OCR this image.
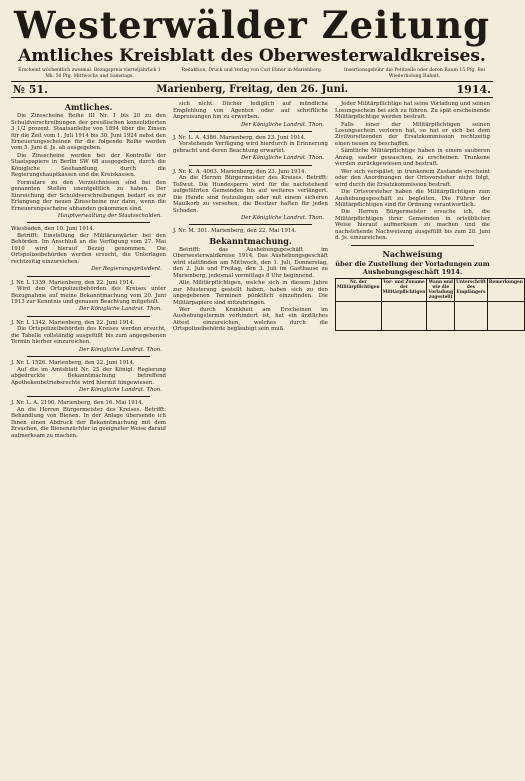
Westerwälder Zeitung
Amtliches Kreisblatt des Oberwesterwaldkreises.
Erscheint wöchentlich zweimal. Bezugspreis vierteljährlich 1 Mk. 50 Pfg. Mittwochs und Samstags.
Redaktion, Druck und Verlag von Carl Ebner in Marienberg.	Insertionsgebühr die Petitzeile oder deren Raum 15 Pfg. Bei Wiederholung Rabatt.
№ 51.	Marienberg, Freitag, den 26. Juni.	1914.
Amtliches.

Die Zinsscheine Reihe III Nr. 1 bis 20 zu den Schuldverschreibungen der preußischen konsolidierten 3 1/2 prozent. Staatsanleihe von 1894 über die Zinsen für die Zeit vom 1. Juli 1914 bis 30. Juni 1924 nebst den Erneuerungsscheinen für die folgende Reihe werden vom 5. Juni d. Js. ab ausgegeben.

Die Zinsscheine werden bei der Kontrolle der Staatspapiere in Berlin SW 68 ausgegeben, durch die Königliche Seehandlung, durch die Regierungshauptkassen und die Kreiskassen.

Formulare zu den Verzeichnissen sind bei den genannten Stellen unentgeltlich zu haben. Der Einreichung der Schuldverschreibungen bedarf es zur Erlangung der neuen Zinsscheine nur dann, wenn die Erneuerungsscheine abhanden gekommen sind.

Hauptverwaltung der Staatsschulden.
Wiesbaden, den 10. Juni 1914.

Betrifft: Einstellung der Militäranwärter bei den Behörden. Im Anschluß an die Verfügung vom 27. Mai 1910 wird hierauf Bezug genommen. Die Ortspolizeibehörden werden ersucht, die Unterlagen rechtzeitig einzureichen.

Der Regierungspräsident.
J. Nr. L 1339. Marienberg, den 22. Juni 1914.

Wird den Ortspolizeibehörden des Kreises unter Bezugnahme auf meine Bekanntmachung vom 20. Juni 1913 zur Kenntnis und genauen Beachtung mitgeteilt.

Der Königliche Landrat. Thon.
J. Nr. L 1342. Marienberg, den 22. Juni 1914.

Die Ortspolizeibehörden des Kreises werden ersucht, die Tabelle vollständig ausgefüllt bis zum angegebenen Termin hierher einzureichen.

Der Königliche Landrat. Thon.
J. Nr. L 1526. Marienberg, den 22. Juni 1914.

Auf die im Amtsblatt Nr. 25 der Königl. Regierung abgedruckte Bekanntmachung betreffend Apothekenbetriebsrechte wird hiermit hingewiesen.

Der Königliche Landrat. Thon.
J. Nr. L. A. 2190. Marienberg, den 16. Mai 1914.

An die Herren Bürgermeister des Kreises. Betrifft: Behandlung von Bienen. In der Anlage übersende ich Ihnen einen Abdruck der Bekanntmachung mit dem Ersuchen, die Bienenzüchter in geeigneter Weise darauf aufmerksam zu machen.

sich nicht. Dücher lediglich auf mündliche Empfehlung von Agenten oder auf schriftliche Anpreisungen hin zu erwerben.

Der Königliche Landrat. Thon.
J. Nr. L. A. 4386. Marienberg, den 23. Juni 1914.

Vorstehende Verfügung wird hierdurch in Erinnerung gebracht und deren Beachtung erwartet.

Der Königliche Landrat. Thon.
J. Nr. K. A. 4063. Marienberg, den 23. Juni 1914.

An die Herren Bürgermeister des Kreises. Betrifft: Tollwut. Die Hundesperre wird für die nachstehend aufgeführten Gemeinden bis auf weiteres verlängert. Die Hunde sind festzulegen oder mit einem sicheren Maulkorb zu versehen; die Besitzer haften für jeden Schaden.

Der Königliche Landrat. Thon.
J. Nr. M. 301. Marienberg, den 22. Mai 1914.
Bekanntmachung.

Betrifft: das Aushebungsgeschäft im Oberwesterwaldkreise 1914. Das Aushebungsgeschäft wird stattfinden am Mittwoch, den 1. Juli, Donnerstag, den 2. Juli und Freitag, den 3. Juli im Gasthause zu Marienberg, jedesmal vormittags 8 Uhr beginnend.

Alle Militärpflichtigen, welche sich in diesem Jahre zur Musterung gestellt haben, haben sich zu den angegebenen Terminen pünktlich einzufinden. Die Militärpapiere sind mitzubringen.

Wer durch Krankheit am Erscheinen im Aushebungstermin verhindert ist, hat ein ärztliches Attest einzureichen, welches durch die Ortspolizeibehörde beglaubigt sein muß.

Jeder Militärpflichtige hat seine Vorladung und seinen Losungsschein bei sich zu führen. Zu spät erscheinende Militärpflichtige werden bestraft.

Falls einer der Militärpflichtigen seinen Losungsschein verloren hat, so hat er sich bei dem Zivilvorsitzenden der Ersatzkommission rechtzeitig einen neuen zu beschaffen.

Sämtliche Militärpflichtige haben in einem sauberen Anzug, sauber gewaschen, zu erscheinen. Trunkene werden zurückgewiesen und bestraft.

Wer sich verspätet, in trunkenem Zustande erscheint oder den Anordnungen der Ortsvorsteher nicht folgt, wird durch die Ersatzkommission bestraft.

Die Ortsvorsteher haben die Militärpflichtigen zum Aushebungsgeschäft zu begleiten. Die Führer der Militärpflichtigen sind für Ordnung verantwortlich.

Die Herren Bürgermeister ersuche ich, die Militärpflichtigen ihrer Gemeinden in ortsüblicher Weise hierauf aufmerksam zu machen und die nachstehende Nachweisung ausgefüllt bis zum 28. Juni d. Js. einzureichen.

Nachweisung
über die Zustellung der Vorladungen zum Aushebungsgeschäft 1914.
Nr. der Militärpflichtigen	Vor- und Zuname der Militärpflichtigen	Wann und wie die Vorladung zugestellt	Unterschrift des Empfängers	Bemerkungen
